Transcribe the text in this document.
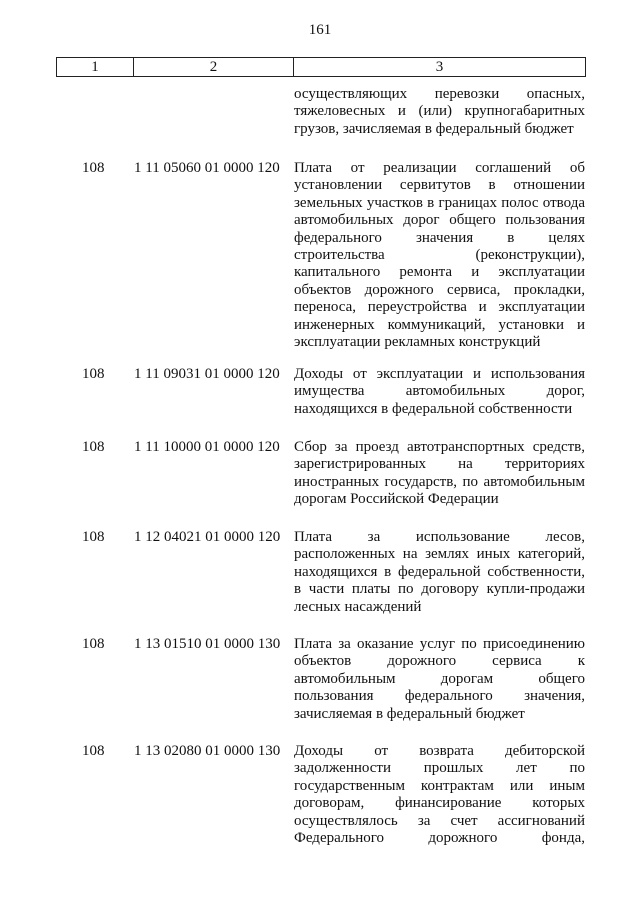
161
1	2	3
осуществляющих перевозки опасных,
тяжеловесных и (или) крупногабаритных
грузов, зачисляемая в федеральный бюджет
108	1 11 05060 01 0000 120 Плата от реализации соглашений об
установлении сервитутов в отношении
земельных участков в границах полос отвода
автомобильных дорог общего пользования
федерального значения в целях
строительства (реконструкции),
капитального ремонта и эксплуатации
объектов дорожного сервиса, прокладки,
переноса, переустройства и эксплуатации
инженерных коммуникаций, установки и
эксплуатации рекламных конструкций
108	1 11 09031 01 0000 120 Доходы от эксплуатации и использования
имущества автомобильных дорог,
находящихся в федеральной собственности
108	1 11 10000 01 0000 120 Сбор за проезд автотранспортных средств,
зарегистрированных на территориях
иностранных государств, по автомобильным
дорогам Российской Федерации
108	1 12 04021 01 0000 120 Плата за использование лесов,
расположенных на землях иных категорий,
находящихся в федеральной собственности,
в части платы по договору купли-продажи
лесных насаждений
108	1 13 01510 01 0000 130 Плата за оказание услуг по присоединению
объектов дорожного сервиса к
автомобильным дорогам общего
пользования федерального значения,
зачисляемая в федеральный бюджет
108	1 13 02080 01 0000 130 Доходы от возврата дебиторской
задолженности прошлых лет по
государственным контрактам или иным
договорам, финансирование которых
осуществлялось за счет ассигнований
Федерального дорожного фонда,
